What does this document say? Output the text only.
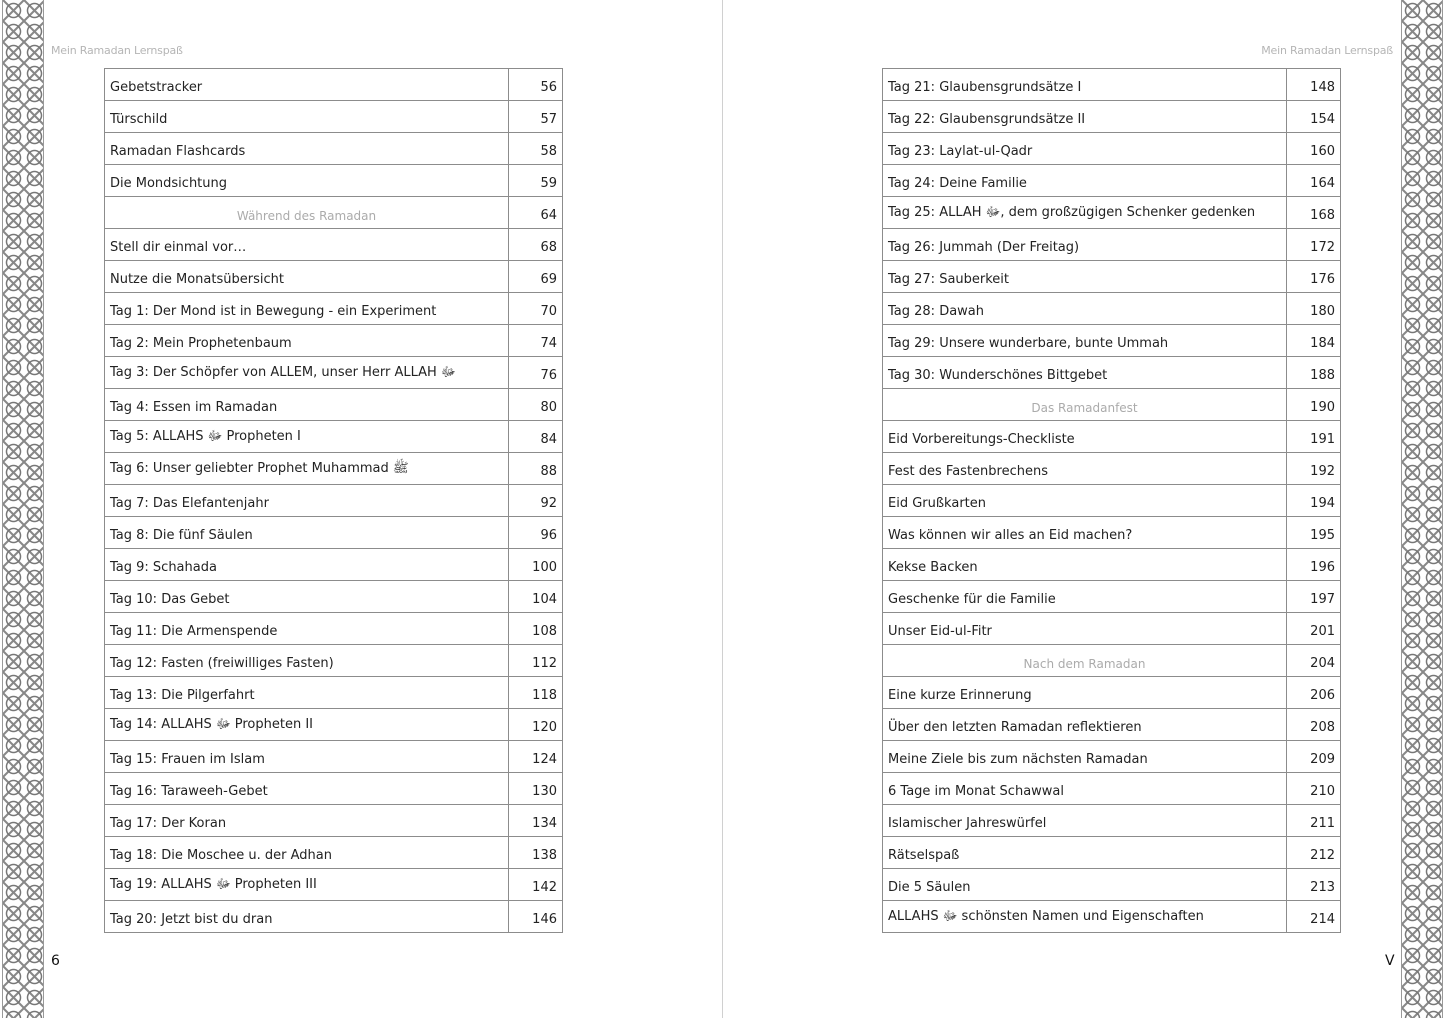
Mein Ramadan Lernspaß	Mein Ramadan Lernspaß
Gebetstracker	56
Türschild	57
Ramadan Flashcards	58
Die Mondsichtung	59
Während des Ramadan	64
Stell dir einmal vor…	68
Nutze die Monatsübersicht	69
Tag 1: Der Mond ist in Bewegung - ein Experiment	70
Tag 2: Mein Prophetenbaum	74
Tag 3: Der Schöpfer von ALLEM, unser Herr ALLAH ﷻ	76
Tag 4: Essen im Ramadan	80
Tag 5: ALLAHS ﷻ Propheten I	84
Tag 6: Unser geliebter Prophet Muhammad ﷺ	88
Tag 7: Das Elefantenjahr	92
Tag 8: Die fünf Säulen	96
Tag 9: Schahada	100
Tag 10: Das Gebet	104
Tag 11: Die Armenspende	108
Tag 12: Fasten (freiwilliges Fasten)	112
Tag 13: Die Pilgerfahrt	118
Tag 14: ALLAHS ﷻ Propheten II	120
Tag 15: Frauen im Islam	124
Tag 16: Taraweeh-Gebet	130
Tag 17: Der Koran	134
Tag 18: Die Moschee u. der Adhan	138
Tag 19: ALLAHS ﷻ Propheten III	142
Tag 20: Jetzt bist du dran	146
Tag 21: Glaubensgrundsätze I	148
Tag 22: Glaubensgrundsätze II	154
Tag 23: Laylat-ul-Qadr	160
Tag 24: Deine Familie	164
Tag 25: ALLAH ﷻ, dem großzügigen Schenker gedenken	168
Tag 26: Jummah (Der Freitag)	172
Tag 27: Sauberkeit	176
Tag 28: Dawah	180
Tag 29: Unsere wunderbare, bunte Ummah	184
Tag 30: Wunderschönes Bittgebet	188
Das Ramadanfest	190
Eid Vorbereitungs-Checkliste	191
Fest des Fastenbrechens	192
Eid Grußkarten	194
Was können wir alles an Eid machen?	195
Kekse Backen	196
Geschenke für die Familie	197
Unser Eid-ul-Fitr	201
Nach dem Ramadan	204
Eine kurze Erinnerung	206
Über den letzten Ramadan reflektieren	208
Meine Ziele bis zum nächsten Ramadan	209
6 Tage im Monat Schawwal	210
Islamischer Jahreswürfel	211
Rätselspaß	212
Die 5 Säulen	213
ALLAHS ﷻ schönsten Namen und Eigenschaften	214
6	V
